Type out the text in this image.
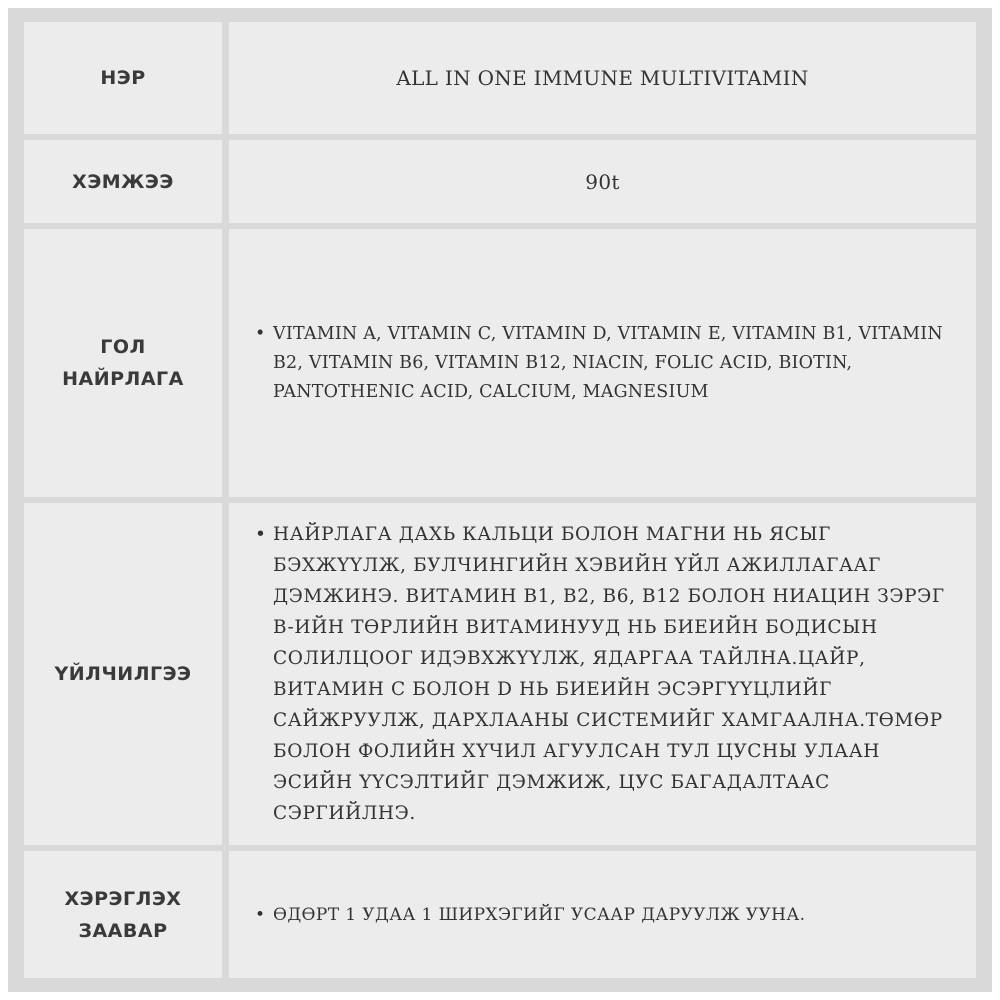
НЭР	ALL IN ONE IMMUNE MULTIVITAMIN
ХЭМЖЭЭ	90t
ГОЛ
НАЙРЛАГА
• VITAMIN A, VITAMIN C, VITAMIN D, VITAMIN E, VITAMIN B1, VITAMIN B2, VITAMIN B6, VITAMIN B12, NIACIN, FOLIC ACID, BIOTIN, PANTOTHENIC ACID, CALCIUM, MAGNESIUM
ҮЙЛЧИЛГЭЭ
• НАЙРЛАГА ДАХЬ КАЛЬЦИ БОЛОН МАГНИ НЬ ЯСЫГ БЭХЖҮҮЛЖ, БУЛЧИНГИЙН ХЭВИЙН ҮЙЛ АЖИЛЛАГААГ ДЭМЖИНЭ. ВИТАМИН B1, B2, B6, B12 БОЛОН НИАЦИН ЗЭРЭГ B-ИЙН ТӨРЛИЙН ВИТАМИНУУД НЬ БИЕИЙН БОДИСЫН СОЛИЛЦООГ ИДЭВХЖҮҮЛЖ, ЯДАРГАА ТАЙЛНА.ЦАЙР, ВИТАМИН C БОЛОН D НЬ БИЕИЙН ЭСЭРГҮҮЦЛИЙГ САЙЖРУУЛЖ, ДАРХЛААНЫ СИСТЕМИЙГ ХАМГААЛНА.ТӨМӨР БОЛОН ФОЛИЙН ХҮЧИЛ АГУУЛСАН ТУЛ ЦУСНЫ УЛААН ЭСИЙН ҮҮСЭЛТИЙГ ДЭМЖИЖ, ЦУС БАГАДАЛТААС СЭРГИЙЛНЭ.
ХЭРЭГЛЭХ
ЗААВАР
• ӨДӨРТ 1 УДАА 1 ШИРХЭГИЙГ УСААР ДАРУУЛЖ УУНА.
